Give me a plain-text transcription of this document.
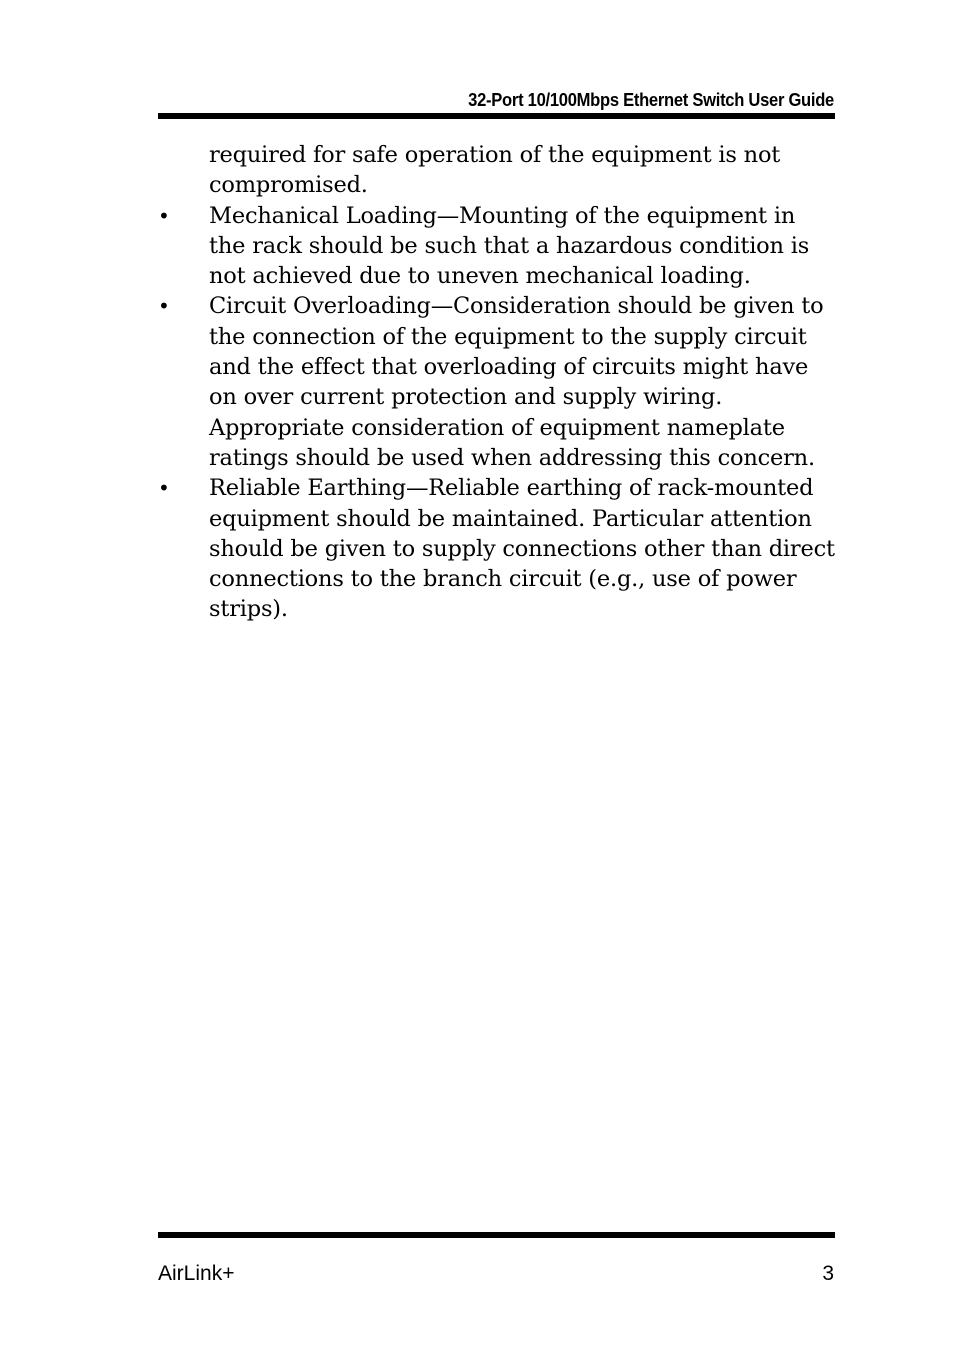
32-Port 10/100Mbps Ethernet Switch User Guide
required for safe operation of the equipment is not
compromised.
• Mechanical Loading—Mounting of the equipment in
the rack should be such that a hazardous condition is
not achieved due to uneven mechanical loading.
• Circuit Overloading—Consideration should be given to
the connection of the equipment to the supply circuit
and the effect that overloading of circuits might have
on over current protection and supply wiring.
Appropriate consideration of equipment nameplate
ratings should be used when addressing this concern.
• Reliable Earthing—Reliable earthing of rack-mounted
equipment should be maintained. Particular attention
should be given to supply connections other than direct
connections to the branch circuit (e.g., use of power
strips).
AirLink+	3
